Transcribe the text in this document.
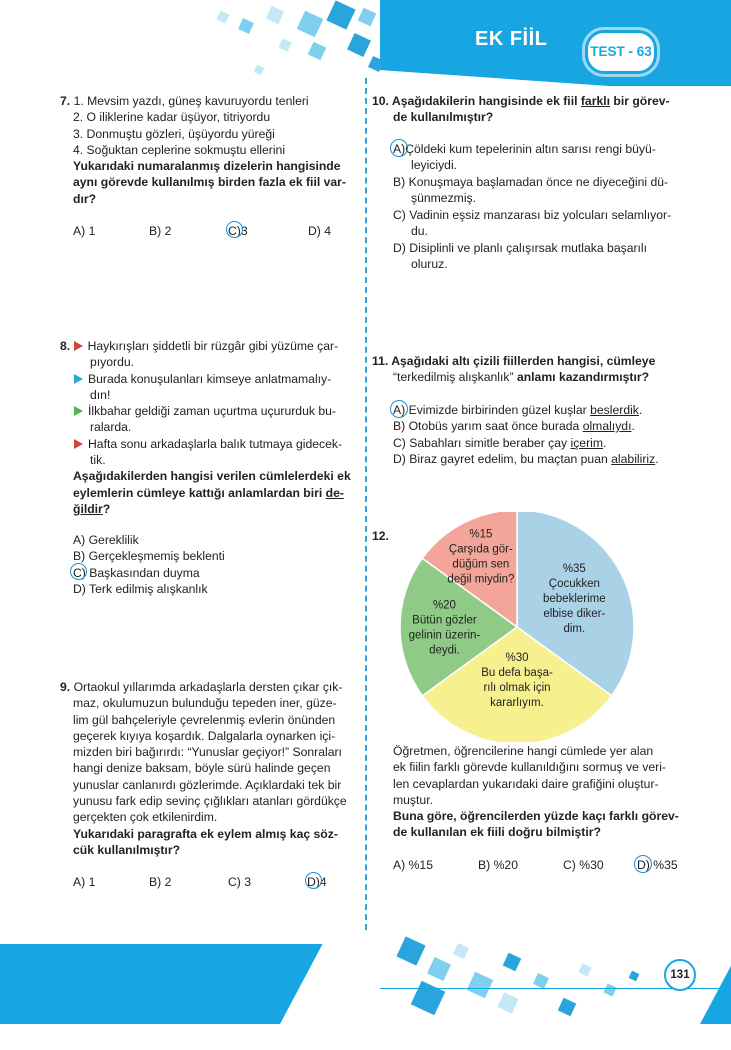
EK FİİL
TEST - 63
7. 1. Mevsim yazdı, güneş kavuruyordu tenleri
2. O iliklerine kadar üşüyor, titriyordu
3. Donmuştu gözleri, üşüyordu yüreği
4. Soğuktan ceplerine sokmuştu ellerini
Yukarıdaki numaralanmış dizelerin hangisinde
aynı görevde kullanılmış birden fazla ek fiil var-
dır?
A) 1	B) 2	C)3	D) 4
8. Haykırışları şiddetli bir rüzgâr gibi yüzüme çar-
pıyordu.
Burada konuşulanları kimseye anlatmamalıy-
dın!
İlkbahar geldiği zaman uçurtma uçururduk bu-
ralarda.
Hafta sonu arkadaşlarla balık tutmaya gidecek-
tik.
Aşağıdakilerden hangisi verilen cümlelerdeki ek
eylemlerin cümleye kattığı anlamlardan biri de-
ğildir?
A) Gereklilik
B) Gerçekleşmemiş beklenti
C) Başkasından duyma
D) Terk edilmiş alışkanlık
9. Ortaokul yıllarımda arkadaşlarla dersten çıkar çık-
maz, okulumuzun bulunduğu tepeden iner, güze-
lim gül bahçeleriyle çevrelenmiş evlerin önünden
geçerek kıyıya koşardık. Dalgalarla oynarken içi-
mizden biri bağırırdı: “Yunuslar geçiyor!” Sonraları
hangi denize baksam, böyle sürü halinde geçen
yunuslar canlanırdı gözlerimde. Açıklardaki tek bir
yunusu fark edip sevinç çığlıkları atanları gördükçe
gerçekten çok etkilenirdim.
Yukarıdaki paragrafta ek eylem almış kaç söz-
cük kullanılmıştır?
A) 1	B) 2	C) 3	D)4
10. Aşağıdakilerin hangisinde ek fiil farklı bir görev-
de kullanılmıştır?
A)Çöldeki kum tepelerinin altın sarısı rengi büyü-
leyiciydi.
B) Konuşmaya başlamadan önce ne diyeceğini dü-
şünmezmiş.
C) Vadinin eşsiz manzarası biz yolcuları selamlıyor-
du.
D) Disiplinli ve planlı çalışırsak mutlaka başarılı
oluruz.
11. Aşağıdaki altı çizili fiillerden hangisi, cümleye
“terkedilmiş alışkanlık” anlamı kazandırmıştır?
A) Evimizde birbirinden güzel kuşlar beslerdik.
B) Otobüs yarım saat önce burada olmalıydı.
C) Sabahları simitle beraber çay içerim.
D) Biraz gayret edelim, bu maçtan puan alabiliriz.
12.
%35 Çocukken bebeklerime elbise diker-dim.
%30 Bu defa başa-rılı olmak için kararlıyım.
%20 Bütün gözler gelinin üzerin-deydi.
%15 Çarşıda gör-düğüm sen değil miydin?
Öğretmen, öğrencilerine hangi cümlede yer alan
ek fiilin farklı görevde kullanıldığını sormuş ve veri-
len cevaplardan yukarıdaki daire grafiğini oluştur-
muştur.
Buna göre, öğrencilerden yüzde kaçı farklı görev-
de kullanılan ek fiili doğru bilmiştir?
A) %15	B) %20	C) %30	D) %35
131
